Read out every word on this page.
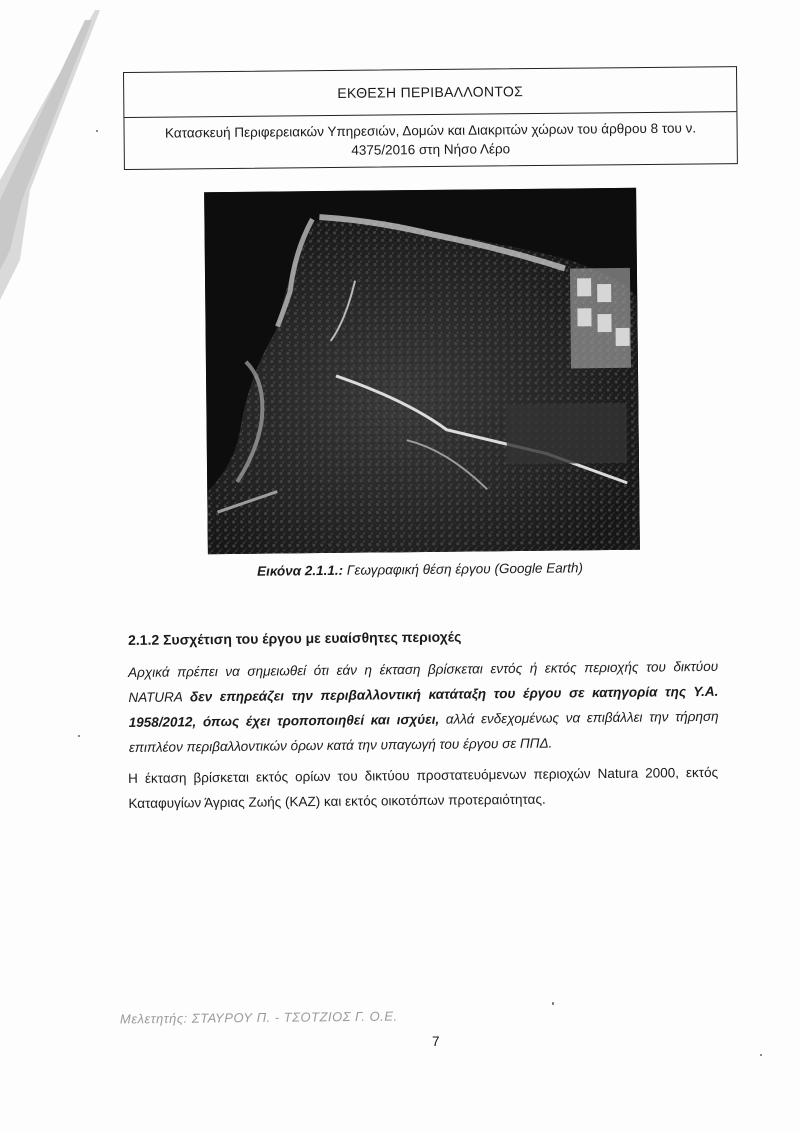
ΕΚΘΕΣΗ ΠΕΡΙΒΑΛΛΟΝΤΟΣ
Κατασκευή Περιφερειακών Υπηρεσιών, Δομών και Διακριτών χώρων του άρθρου 8 του ν. 4375/2016 στη Νήσο Λέρο
Εικόνα 2.1.1.: Γεωγραφική θέση έργου (Google Earth)
2.1.2 Συσχέτιση του έργου με ευαίσθητες περιοχές
Αρχικά πρέπει να σημειωθεί ότι εάν η έκταση βρίσκεται εντός ή εκτός περιοχής του δικτύου NATURA δεν επηρεάζει την περιβαλλοντική κατάταξη του έργου σε κατηγορία της Υ.Α. 1958/2012, όπως έχει τροποποιηθεί και ισχύει, αλλά ενδεχομένως να επιβάλλει την τήρηση επιπλέον περιβαλλοντικών όρων κατά την υπαγωγή του έργου σε ΠΠΔ.
Η έκταση βρίσκεται εκτός ορίων του δικτύου προστατευόμενων περιοχών Natura 2000, εκτός Καταφυγίων Άγριας Ζωής (ΚΑΖ) και εκτός οικοτόπων προτεραιότητας.
Μελετητής: ΣΤΑΥΡΟΥ Π. - ΤΣΟΤΖΙΟΣ Γ. Ο.Ε.
7
